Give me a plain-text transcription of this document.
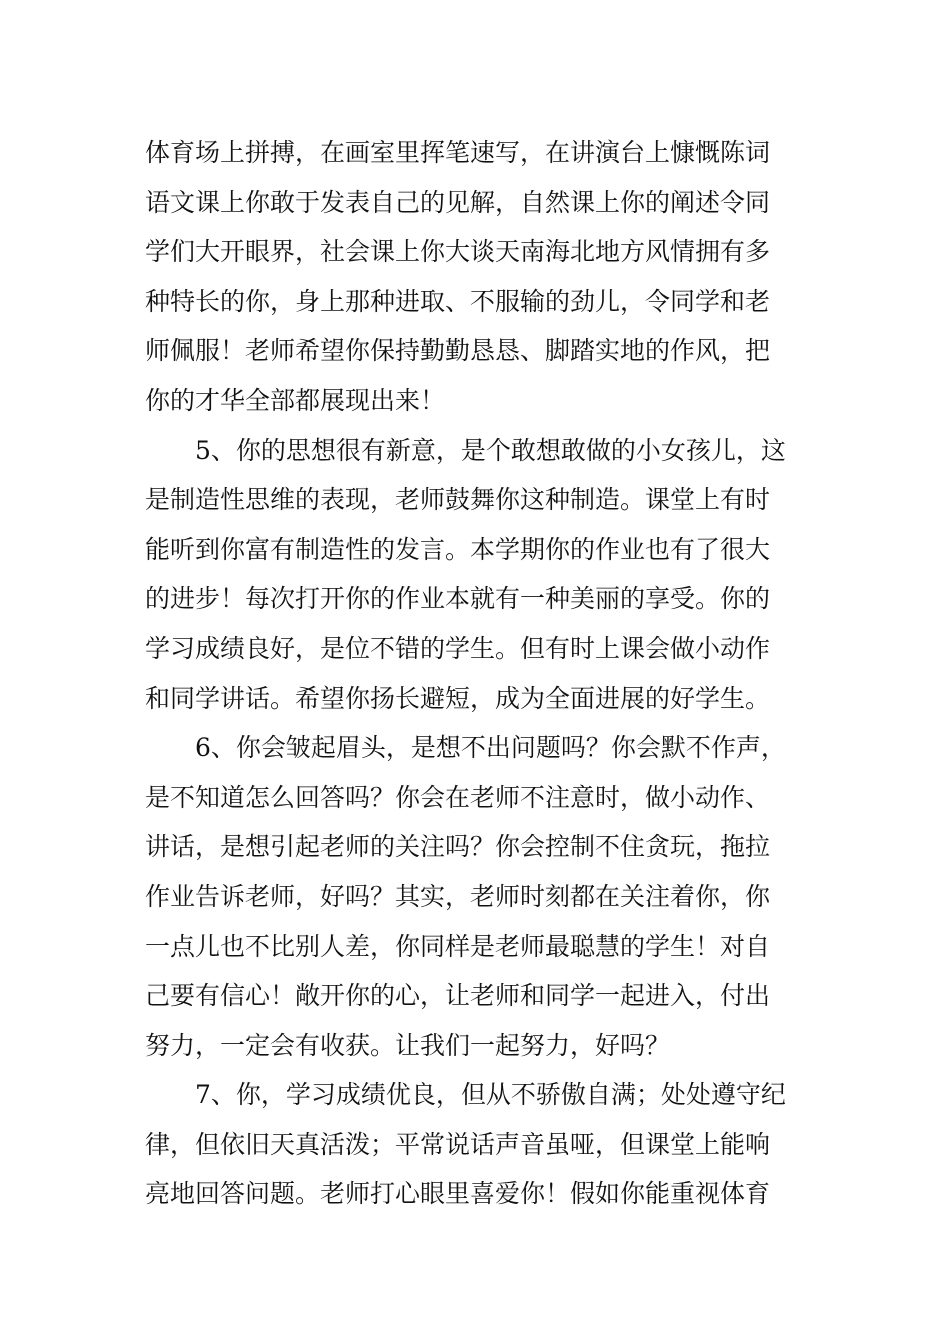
体育场上拼搏，在画室里挥笔速写，在讲演台上慷慨陈词
语文课上你敢于发表自己的见解，自然课上你的阐述令同
学们大开眼界，社会课上你大谈天南海北地方风情拥有多
种特长的你，身上那种进取、不服输的劲儿，令同学和老
师佩服！老师希望你保持勤勤恳恳、脚踏实地的作风，把
你的才华全部都展现出来！
　　5、你的思想很有新意，是个敢想敢做的小女孩儿，这
是制造性思维的表现，老师鼓舞你这种制造。课堂上有时
能听到你富有制造性的发言。本学期你的作业也有了很大
的进步！每次打开你的作业本就有一种美丽的享受。你的
学习成绩良好，是位不错的学生。但有时上课会做小动作
和同学讲话。希望你扬长避短，成为全面进展的好学生。
　　6、你会皱起眉头，是想不出问题吗？你会默不作声，
是不知道怎么回答吗？你会在老师不注意时，做小动作、
讲话，是想引起老师的关注吗？你会控制不住贪玩，拖拉
作业告诉老师，好吗？其实，老师时刻都在关注着你，你
一点儿也不比别人差，你同样是老师最聪慧的学生！对自
己要有信心！敞开你的心，让老师和同学一起进入，付出
努力，一定会有收获。让我们一起努力，好吗？
　　7、你，学习成绩优良，但从不骄傲自满；处处遵守纪
律，但依旧天真活泼；平常说话声音虽哑，但课堂上能响
亮地回答问题。老师打心眼里喜爱你！假如你能重视体育
